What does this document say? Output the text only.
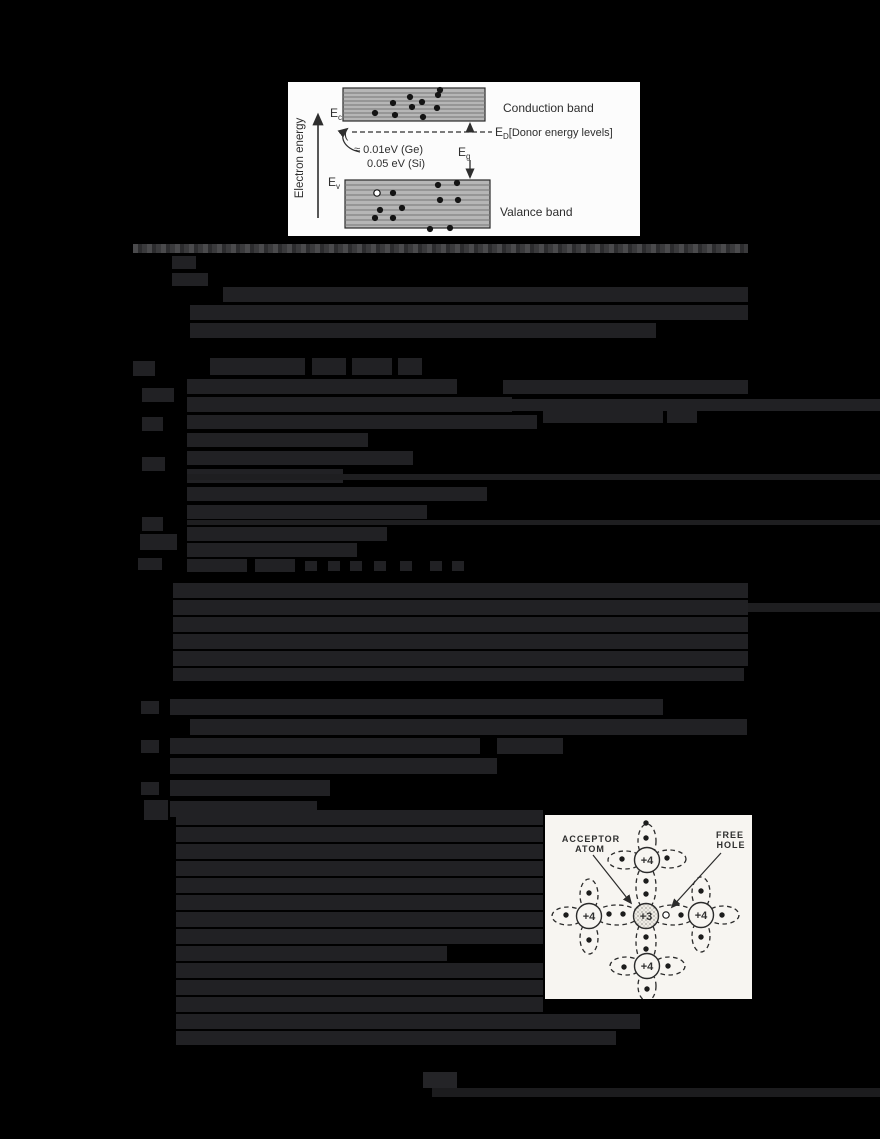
Electron energy
$E_c$
Conduction band
(	$E_D[Donor$ energy levels]
≈ 0.01eV (Ge)
0.05 eV (Si)
$E_g$
$E_v$
Valance band
+4
+4	+4
+4
+3
ACCEPTOR
ATOM
FREE
HOLE
